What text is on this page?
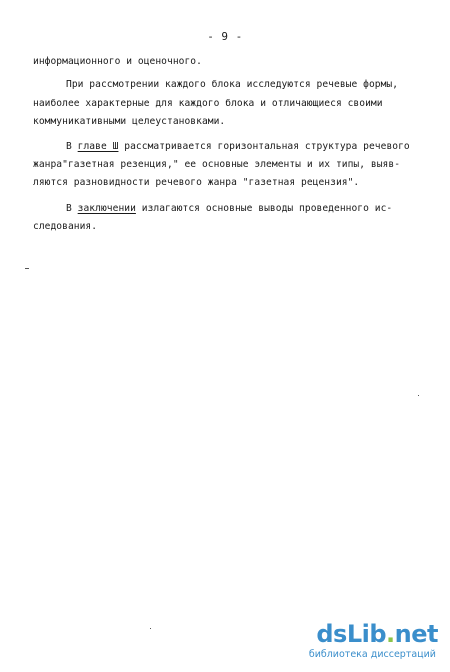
- 9 -
информационного и оценочного.
При рассмотрении каждого блока исследуются речевые формы,
наиболее характерные для каждого блока и отличающиеся своими
коммуникативными целеустановками.
В главе Ш рассматривается горизонтальная структура речевого
жанра"газетная резенция," ее основные элементы и их типы, выяв-
ляются разновидности речевого жанра "газетная рецензия".
В заключении излагаются основные выводы проведенного ис-
следования.
dsLib.net
библиотека диссертаций
